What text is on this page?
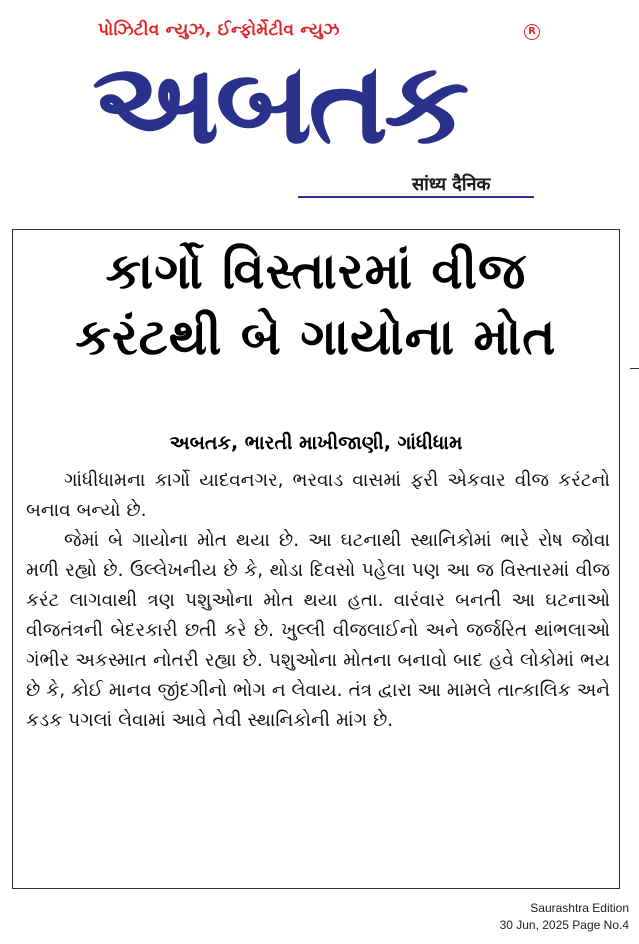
પોઝિટીવ ન્યુઝ, ઈન્ફોર્મેટીવ ન્યુઝ	R
અબતક
सांध्य दैनिक
કાર્ગો વિસ્તારમાં વીજ
કરંટથી બે ગાયોના મોત
અબતક, ભારતી માખીજાણી, ગાંધીધામ

ગાંધીધામના કાર્ગો યાદવનગર, ભરવાડ વાસમાં ફરી એકવાર વીજ કરંટનો બનાવ બન્યો છે.

જેમાં બે ગાયોના મોત થયા છે. આ ઘટનાથી સ્થાનિકોમાં ભારે રોષ જોવા મળી રહ્યો છે. ઉલ્લેખનીય છે કે, થોડા દિવસો પહેલા પણ આ જ વિસ્તારમાં વીજ કરંટ લાગવાથી ત્રણ પશુઓના મોત થયા હતા. વારંવાર બનતી આ ઘટનાઓ વીજતંત્રની બેદરકારી છતી કરે છે. ખુલ્લી વીજલાઈનો અને જર્જરિત થાંભલાઓ ગંભીર અકસ્માત નોતરી રહ્યા છે. પશુઓના મોતના બનાવો બાદ હવે લોકોમાં ભય છે કે, કોઈ માનવ જીંદગીનો ભોગ ન લેવાય. તંત્ર દ્વારા આ મામલે તાત્કાલિક અને કડક પગલાં લેવામાં આવે તેવી સ્થાનિકોની માંગ છે.

Saurashtra Edition
30 Jun, 2025 Page No.4
